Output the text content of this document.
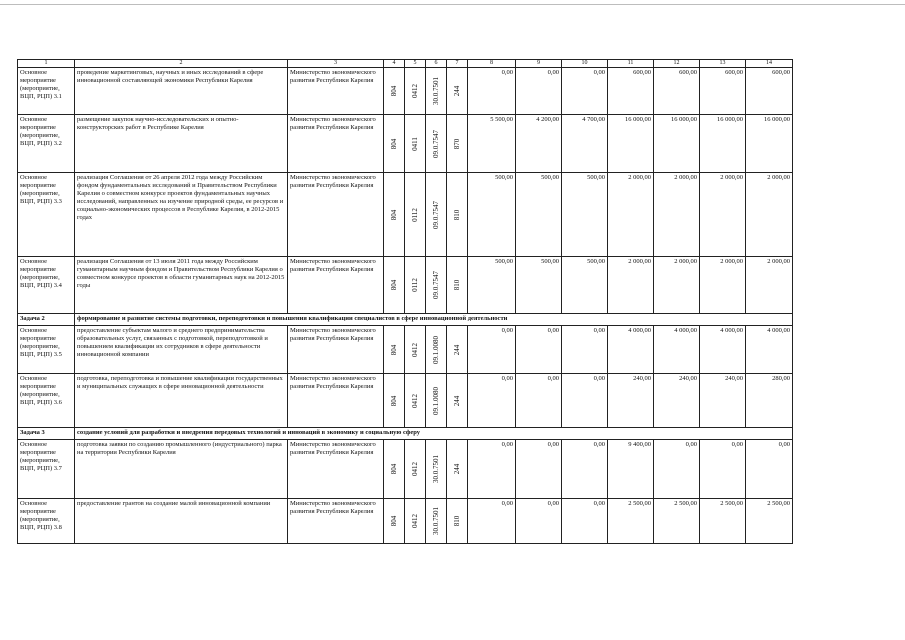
1	2	3	4	5	6	7	8	9	10	11	12	13	14
Основное мероприятие (мероприятие, ВЦП, РЦП) 3.1	проведение маркетинговых, научных и иных исследований в сфере инновационной составляющей экономики Республики Карелия	Министерство экономического развития Республики Карелия	804	0412	30.0.7501	244	0,00	0,00	0,00	600,00	600,00	600,00	600,00
Основное мероприятие (мероприятие, ВЦП, РЦП) 3.2	размещение закупок научно-исследовательских и опытно-конструкторских работ в Республике Карелия	Министерство экономического развития Республики Карелия	804	0411	09.0.7547	870	5 500,00	4 200,00	4 700,00	16 000,00	16 000,00	16 000,00	16 000,00
Основное мероприятие (мероприятие, ВЦП, РЦП) 3.3	реализация Соглашения от 26 апреля 2012 года между Российским фондом фундаментальных исследований и Правительством Республики Карелия о совместном конкурсе проектов фундаментальных научных исследований, направленных на изучение природной среды, ее ресурсов и социально-экономических процессов в Республике Карелия, в 2012-2015 годах	Министерство экономического развития Республики Карелия	804	0112	09.0.7547	810	500,00	500,00	500,00	2 000,00	2 000,00	2 000,00	2 000,00
Основное мероприятие (мероприятие, ВЦП, РЦП) 3.4	реализация Соглашения от 13 июля 2011 года между Российским гуманитарным научным фондом и Правительством Республики Карелия о совместном конкурсе проектов в области гуманитарных наук на 2012-2015 годы	Министерство экономического развития Республики Карелия	804	0112	09.0.7547	810	500,00	500,00	500,00	2 000,00	2 000,00	2 000,00	2 000,00
Задача 2	формирование и развитие системы подготовки, переподготовки и повышения квалификации специалистов в сфере инновационной деятельности												
Основное мероприятие (мероприятие, ВЦП, РЦП) 3.5	предоставление субъектам малого и среднего предпринимательства образовательных услуг, связанных с подготовкой, переподготовкой и повышением квалификации их сотрудников в сфере деятельности инновационной компании	Министерство экономического развития Республики Карелия	804	0412	09.1.0080	244	0,00	0,00	0,00	4 000,00	4 000,00	4 000,00	4 000,00
Основное мероприятие (мероприятие, ВЦП, РЦП) 3.6	подготовка, переподготовка и повышение квалификации государственных и муниципальных служащих в сфере инновационной деятельности	Министерство экономического развития Республики Карелия	804	0412	09.1.0080	244	0,00	0,00	0,00	240,00	240,00	240,00	280,00
Задача 3	создание условий для разработки и внедрения передовых технологий и инноваций в экономику и социальную сферу												
Основное мероприятие (мероприятие, ВЦП, РЦП) 3.7	подготовка заявки по созданию промышленного (индустриального) парка на территории Республики Карелия	Министерство экономического развития Республики Карелия	804	0412	30.0.7501	244	0,00	0,00	0,00	9 400,00	0,00	0,00	0,00
Основное мероприятие (мероприятие, ВЦП, РЦП) 3.8	предоставление грантов на создание малой инновационной компании	Министерство экономического развития Республики Карелия	804	0412	30.0.7501	810	0,00	0,00	0,00	2 500,00	2 500,00	2 500,00	2 500,00
